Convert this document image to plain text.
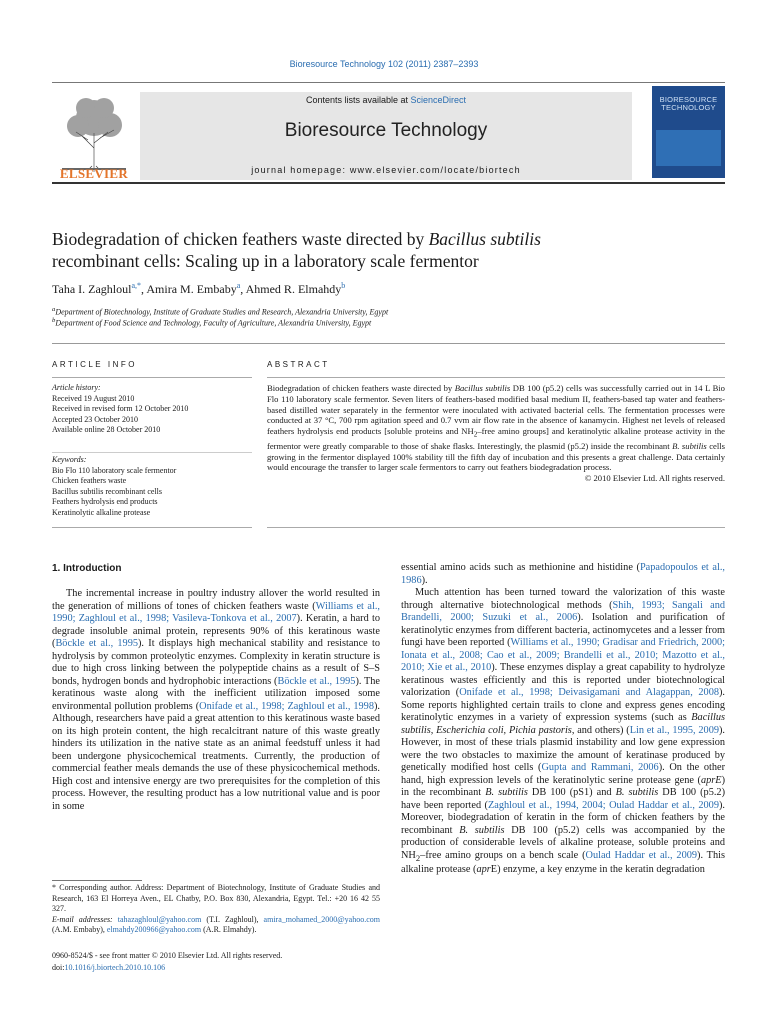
Bioresource Technology 102 (2011) 2387–2393
ELSEVIER
Contents lists available at ScienceDirect
Bioresource Technology
journal homepage: www.elsevier.com/locate/biortech
BIORESOURCE TECHNOLOGY
Biodegradation of chicken feathers waste directed by Bacillus subtilis
recombinant cells: Scaling up in a laboratory scale fermentor
Taha I. Zaghloul$^{a,*}$, Amira M. Embaby$^a$, Ahmed R. Elmahdy$^b$
$^a$Department of Biotechnology, Institute of Graduate Studies and Research, Alexandria University, Egypt
$^b$Department of Food Science and Technology, Faculty of Agriculture, Alexandria University, Egypt
ARTICLE INFO	ABSTRACT
Article history:
Received 19 August 2010
Received in revised form 12 October 2010
Accepted 23 October 2010
Available online 28 October 2010
Keywords:
Bio Flo 110 laboratory scale fermentor
Chicken feathers waste
Bacillus subtilis recombinant cells
Feathers hydrolysis end products
Keratinolytic alkaline protease

Biodegradation of chicken feathers waste directed by Bacillus subtilis DB 100 (p5.2) cells was successfully carried out in 14 L Bio Flo 110 laboratory scale fermentor. Seven liters of feathers-based modified basal medium II, feathers-based tap water and feathers-based distilled water separately in the fermentor were inoculated with activated bacterial cells. The fermentation processes were conducted at 37 °C, 700 rpm agitation speed and 0.7 vvm air flow rate in the absence of kanamycin. Highest net levels of released feathers hydrolysis end products [soluble proteins and $NH_2$–free amino groups] and keratinolytic alkaline protease activity in the fermentor were greatly comparable to those of shake flasks. Interestingly, the plasmid (p5.2) inside the recombinant B. subtilis cells growing in the fermentor displayed 100% stability till the fifth day of incubation and this presents a great challenge. Data certainly would encourage the transfer to larger scale fermentors to carry out feathers biodegradation process.

© 2010 Elsevier Ltd. All rights reserved.

1. Introduction

The incremental increase in poultry industry allover the world resulted in the generation of millions of tones of chicken feathers waste (Williams et al., 1990; Zaghloul et al., 1998; Vasileva-Tonkova et al., 2007). Keratin, a hard to degrade insoluble animal protein, represents 90% of this keratinous waste (Böckle et al., 1995). It displays high mechanical stability and resistance to hydrolysis by common proteolytic enzymes. Complexity in keratin structure is due to high cross linking between the polypeptide chains as a result of S–S bonds, hydrogen bonds and hydrophobic interactions (Böckle et al., 1995). The keratinous waste along with the inefficient utilization imposed some environmental pollution problems (Onifade et al., 1998; Zaghloul et al., 1998). Although, researchers have paid a great attention to this keratinous waste based on its high protein content, the high recalcitrant nature of this waste greatly hinders its utilization in the native state as an animal feedstuff unless it had been undergone physicochemical treatments. Currently, the production of commercial feather meals demands the use of these physicochemical methods. High cost and intensive energy are two prerequisites for the completion of this process. However, the resulting product has a low nutritional value and is poor in some

essential amino acids such as methionine and histidine (Papadopoulos et al., 1986).

Much attention has been turned toward the valorization of this waste through alternative biotechnological methods (Shih, 1993; Sangali and Brandelli, 2000; Suzuki et al., 2006). Isolation and purification of keratinolytic enzymes from different bacteria, actinomycetes and a lesser from fungi have been reported (Williams et al., 1990; Gradisar and Friedrich, 2000; Ionata et al., 2008; Cao et al., 2009; Brandelli et al., 2010; Mazotto et al., 2010; Xie et al., 2010). These enzymes display a great capability to hydrolyze keratinous wastes efficiently and this is reported under biotechnological valorization (Onifade et al., 1998; Deivasigamani and Alagappan, 2008). Some reports highlighted certain trails to clone and express genes encoding keratinolytic enzymes in a variety of expression systems (such as Bacillus subtilis, Escherichia coli, Pichia pastoris, and others) (Lin et al., 1995, 2009). However, in most of these trials plasmid instability and low gene expression were the two obstacles to maximize the amount of keratinase produced by genetically modified host cells (Gupta and Rammani, 2006). On the other hand, high expression levels of the keratinolytic serine protease gene (aprE) in the recombinant B. subtilis DB 100 (pS1) and B. subtilis DB 100 (p5.2) have been reported (Zaghloul et al., 1994, 2004; Oulad Haddar et al., 2009). Moreover, biodegradation of keratin in the form of chicken feathers by the recombinant B. subtilis DB 100 (p5.2) cells was accompanied by the production of considerable levels of alkaline protease, soluble proteins and $NH_2$–free amino groups on a bench scale (Oulad Haddar et al., 2009). This alkaline protease (aprE) enzyme, a key enzyme in the keratin degradation

* Corresponding author. Address: Department of Biotechnology, Institute of Graduate Studies and Research, 163 El Horreya Aven., EL Chatby, P.O. Box 830, Alexandria, Egypt. Tel.: +20 16 42 55 327.
E-mail addresses: tahazaghloul@yahoo.com (T.I. Zaghloul), amira_mohamed_2000@yahoo.com (A.M. Embaby), elmahdy200966@yahoo.com (A.R. Elmahdy).
0960-8524/$ - see front matter © 2010 Elsevier Ltd. All rights reserved.
doi:10.1016/j.biortech.2010.10.106
